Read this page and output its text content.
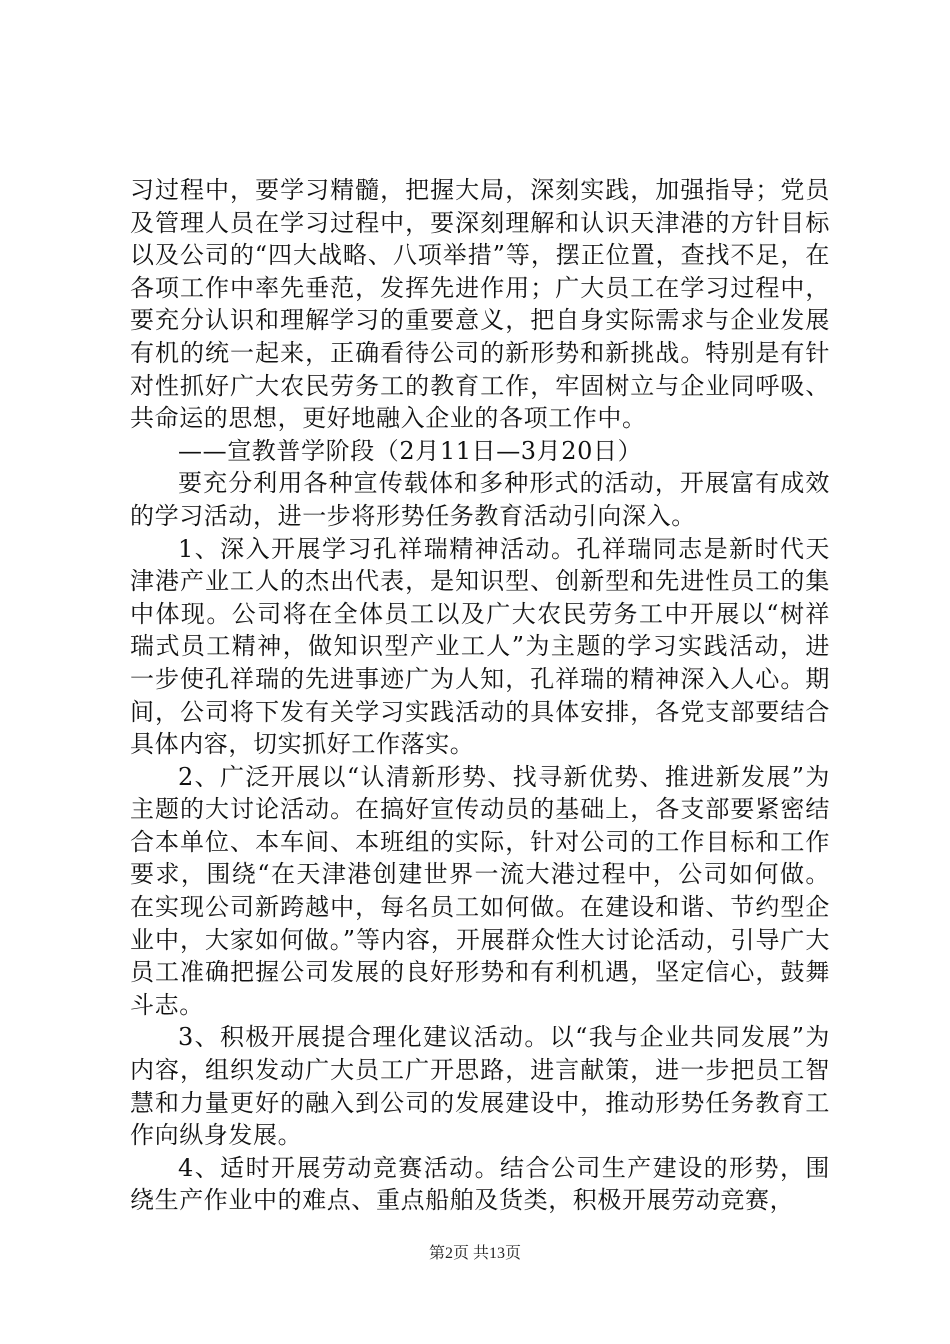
习过程中，要学习精髓，把握大局，深刻实践，加强指导；党员及管理人员在学习过程中，要深刻理解和认识天津港的方针目标以及公司的“四大战略、八项举措”等，摆正位置，查找不足，在各项工作中率先垂范，发挥先进作用；广大员工在学习过程中，要充分认识和理解学习的重要意义，把自身实际需求与企业发展有机的统一起来，正确看待公司的新形势和新挑战。特别是有针对性抓好广大农民劳务工的教育工作，牢固树立与企业同呼吸、共命运的思想，更好地融入企业的各项工作中。

——宣教普学阶段（2月11日—3月20日）

要充分利用各种宣传载体和多种形式的活动，开展富有成效的学习活动，进一步将形势任务教育活动引向深入。

1、深入开展学习孔祥瑞精神活动。孔祥瑞同志是新时代天津港产业工人的杰出代表，是知识型、创新型和先进性员工的集中体现。公司将在全体员工以及广大农民劳务工中开展以“树祥瑞式员工精神，做知识型产业工人”为主题的学习实践活动，进一步使孔祥瑞的先进事迹广为人知，孔祥瑞的精神深入人心。期间，公司将下发有关学习实践活动的具体安排，各党支部要结合具体内容，切实抓好工作落实。

2、广泛开展以“认清新形势、找寻新优势、推进新发展”为主题的大讨论活动。在搞好宣传动员的基础上，各支部要紧密结合本单位、本车间、本班组的实际，针对公司的工作目标和工作要求，围绕“在天津港创建世界一流大港过程中，公司如何做。在实现公司新跨越中，每名员工如何做。在建设和谐、节约型企业中，大家如何做。”等内容，开展群众性大讨论活动，引导广大员工准确把握公司发展的良好形势和有利机遇，坚定信心，鼓舞斗志。

3、积极开展提合理化建议活动。以“我与企业共同发展”为内容，组织发动广大员工广开思路，进言献策，进一步把员工智慧和力量更好的融入到公司的发展建设中，推动形势任务教育工作向纵身发展。

4、适时开展劳动竞赛活动。结合公司生产建设的形势，围绕生产作业中的难点、重点船舶及货类，积极开展劳动竞赛，

第2页 共13页
